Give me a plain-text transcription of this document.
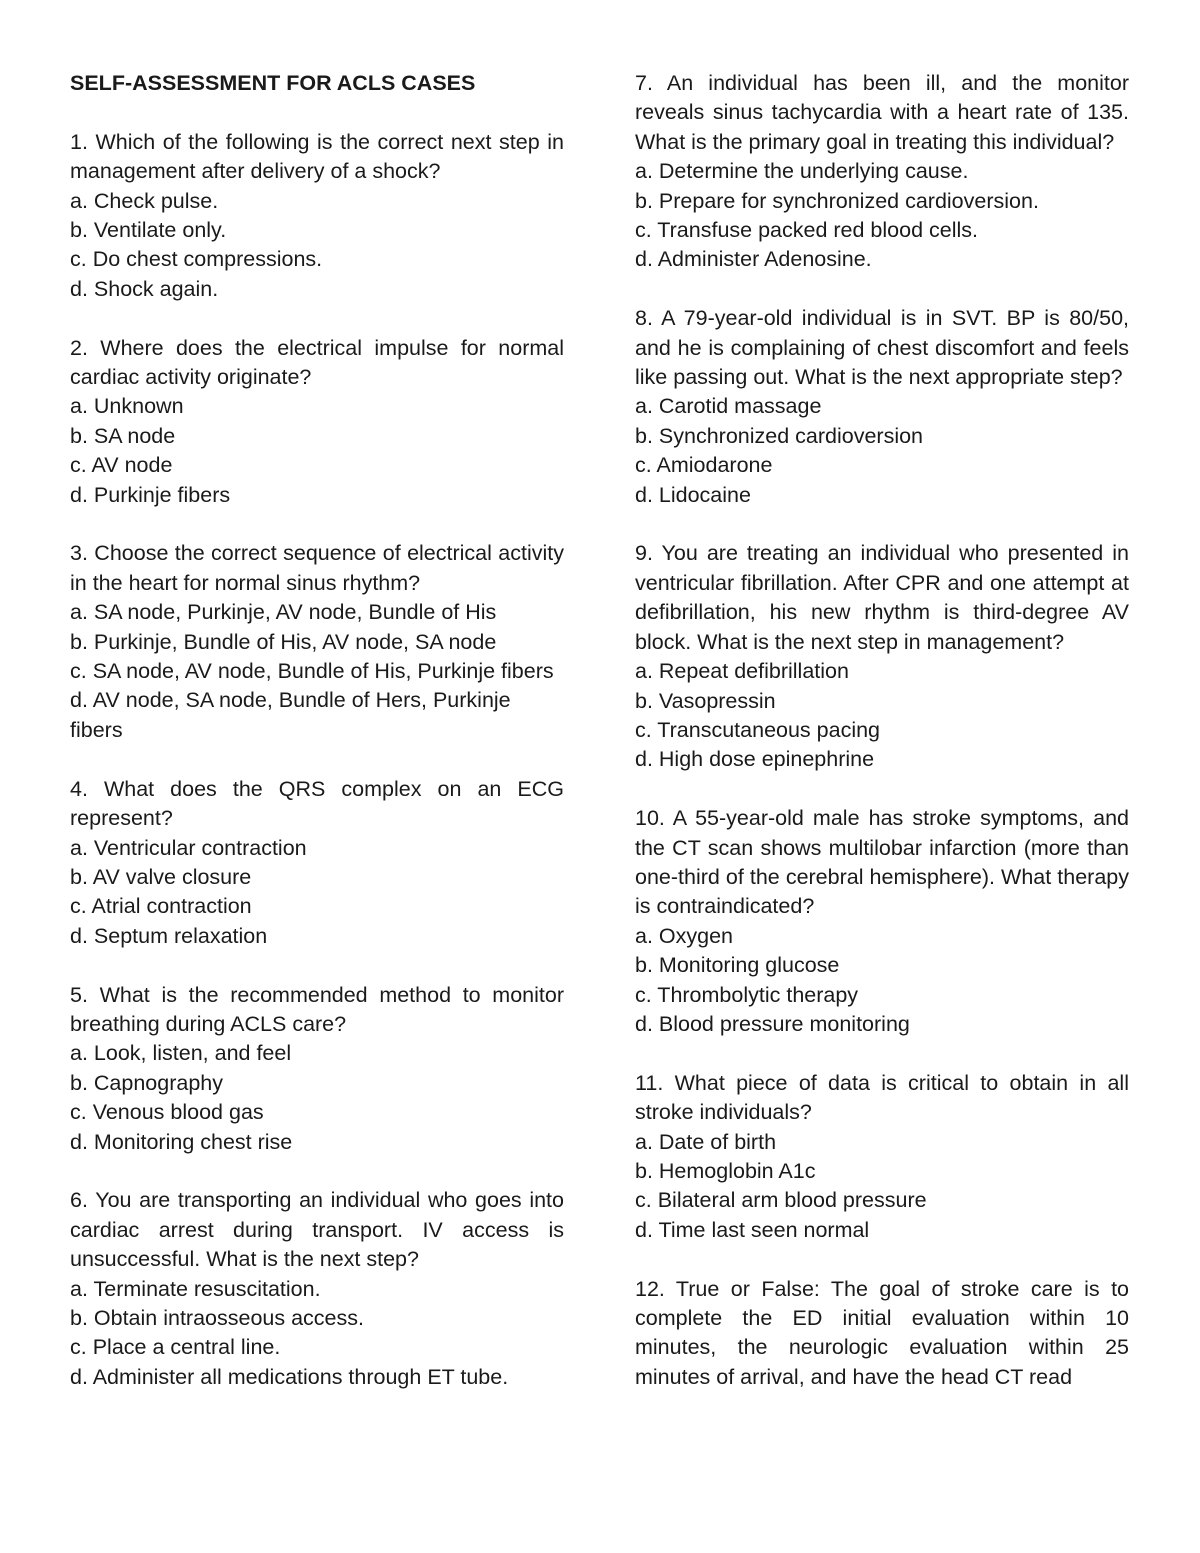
SELF-ASSESSMENT FOR ACLS CASES
1. Which of the following is the correct next step in management after delivery of a shock?
a. Check pulse.
b. Ventilate only.
c. Do chest compressions.
d. Shock again.
2. Where does the electrical impulse for normal cardiac activity originate?
a. Unknown
b. SA node
c. AV node
d. Purkinje fibers
3. Choose the correct sequence of electrical activity in the heart for normal sinus rhythm?
a. SA node, Purkinje, AV node, Bundle of His
b. Purkinje, Bundle of His, AV node, SA node
c. SA node, AV node, Bundle of His, Purkinje fibers
d. AV node, SA node, Bundle of Hers, Purkinje fibers
4. What does the QRS complex on an ECG represent?
a. Ventricular contraction
b. AV valve closure
c. Atrial contraction
d. Septum relaxation
5. What is the recommended method to monitor breathing during ACLS care?
a. Look, listen, and feel
b. Capnography
c. Venous blood gas
d. Monitoring chest rise
6. You are transporting an individual who goes into cardiac arrest during transport. IV access is unsuccessful. What is the next step?
a. Terminate resuscitation.
b. Obtain intraosseous access.
c. Place a central line.
d. Administer all medications through ET tube.
7. An individual has been ill, and the monitor reveals sinus tachycardia with a heart rate of 135. What is the primary goal in treating this individual?
a. Determine the underlying cause.
b. Prepare for synchronized cardioversion.
c. Transfuse packed red blood cells.
d. Administer Adenosine.
8. A 79-year-old individual is in SVT. BP is 80/50, and he is complaining of chest discomfort and feels like passing out. What is the next appropriate step?
a. Carotid massage
b. Synchronized cardioversion
c. Amiodarone
d. Lidocaine
9. You are treating an individual who presented in ventricular fibrillation. After CPR and one attempt at defibrillation, his new rhythm is third-degree AV block. What is the next step in management?
a. Repeat defibrillation
b. Vasopressin
c. Transcutaneous pacing
d. High dose epinephrine
10. A 55-year-old male has stroke symptoms, and the CT scan shows multilobar infarction (more than one-third of the cerebral hemisphere). What therapy is contraindicated?
a. Oxygen
b. Monitoring glucose
c. Thrombolytic therapy
d. Blood pressure monitoring
11. What piece of data is critical to obtain in all stroke individuals?
a. Date of birth
b. Hemoglobin A1c
c. Bilateral arm blood pressure
d. Time last seen normal
12. True or False: The goal of stroke care is to complete the ED initial evaluation within 10 minutes, the neurologic evaluation within 25 minutes of arrival, and have the head CT read
